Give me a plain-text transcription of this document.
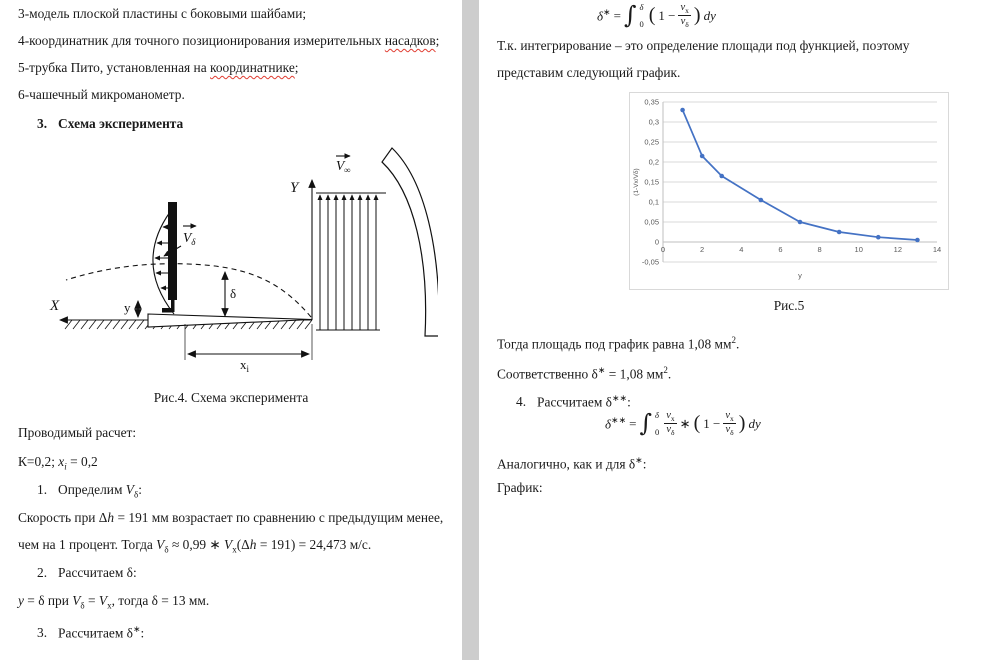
3-модель плоской пластины с боковыми шайбами;
4-координатник для точного позиционирования измерительных насадков;
5-трубка Пито, установленная на координатнике;
6-чашечный микроманометр.
3. Схема эксперимента
X
Y
$V_\infty$
$V_\delta$
δ
y
$x_i$
Рис.4. Схема эксперимента
Проводимый расчет:
К=0,2; $x_i = 0,2$
1. Определим $V_\delta$:
Скорость при Δh = 191 мм возрастает по сравнению с предыдущим менее,
чем на 1 процент. Тогда $V_\delta \approx 0,99$ ∗ $V_x(\Delta h = 191) = 24,473$ м/с.
2. Рассчитаем δ:
y = δ при $V_\delta = V_x$, тогда δ = 13 мм.
3. Рассчитаем δ∗:
δ∗ = ∫ δ
0 ( $1 - \frac{v_x}{v_\delta}$ ) dy
Т.к. интегрирование – это определение площади под функцией, поэтому
представим следующий график.
0,35
0,3
0,25
0,2
0,15
0,1
0,05
0
-0,05
0	2	4	6	8	10	12	14
(1-Vx/Vδ)
y
Рис.5
Тогда площадь под график равна 1,08 $мм^2$.
Соответственно δ∗ = 1,08 $мм^2$.
4. Рассчитаем δ∗∗:
δ∗∗ = ∫ δ
$0 \frac{v_x}{v_\delta}$ ∗ ( $1 - \frac{v_x}{v_\delta}$ ) dy
Аналогично, как и для δ∗:
График:
